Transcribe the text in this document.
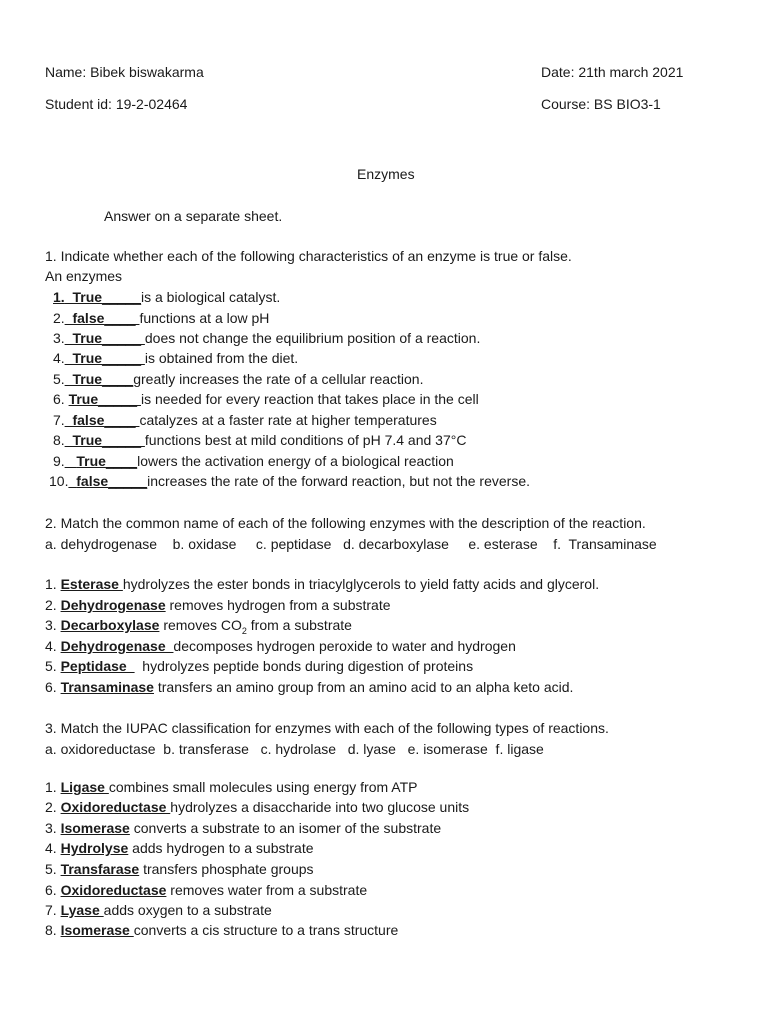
Name: Bibek biswakarma	Date: 21th march 2021
Student id: 19-2-02464	Course: BS BIO3-1
Enzymes
Answer on a separate sheet.
1. Indicate whether each of the following characteristics of an enzyme is true or false.
An enzymes
1._True_____is a biological catalyst.
2._false____ functions at a low pH
3._True_____ does not change the equilibrium position of a reaction.
4._True_____ is obtained from the diet.
5._True____greatly increases the rate of a cellular reaction.
6. True_____ is needed for every reaction that takes place in the cell
7._false____ catalyzes at a faster rate at higher temperatures
8._True_____ functions best at mild conditions of pH 7.4 and 37°C
9._ True____lowers the activation energy of a biological reaction
10._false_____increases the rate of the forward reaction, but not the reverse.
2. Match the common name of each of the following enzymes with the description of the reaction.
a. dehydrogenase    b. oxidase     c. peptidase   d. decarboxylase     e. esterase    f.  Transaminase
1. Esterase hydrolyzes the ester bonds in triacylglycerols to yield fatty acids and glycerol.
2. Dehydrogenase removes hydrogen from a substrate
3. Decarboxylase removes $CO_2$ from a substrate
4. Dehydrogenase_decomposes hydrogen peroxide to water and hydrogen
5. Peptidase_  hydrolyzes peptide bonds during digestion of proteins
6. Transaminase transfers an amino group from an amino acid to an alpha keto acid.
3. Match the IUPAC classification for enzymes with each of the following types of reactions.
a. oxidoreductase  b. transferase   c. hydrolase   d. lyase   e. isomerase  f. ligase
1. Ligase combines small molecules using energy from ATP
2. Oxidoreductase hydrolyzes a disaccharide into two glucose units
3. Isomerase converts a substrate to an isomer of the substrate
4. Hydrolyse adds hydrogen to a substrate
5. Transfarase transfers phosphate groups
6. Oxidoreductase removes water from a substrate
7. Lyase adds oxygen to a substrate
8. Isomerase converts a cis structure to a trans structure
